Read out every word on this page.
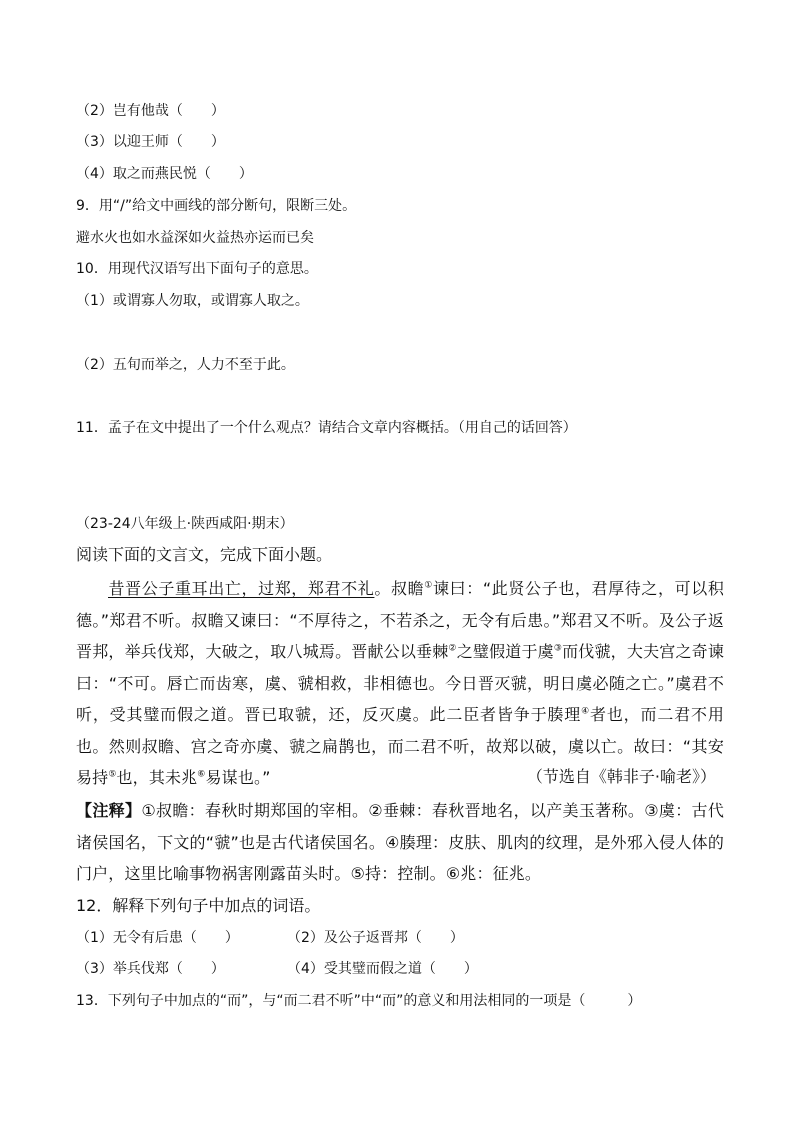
（2）岂有他哉（　　）
（3）以迎王师（　　）
（4）取之而燕民悦（　　）
9．用“/”给文中画线的部分断句，限断三处。
避水火也如水益深如火益热亦运而已矣
10．用现代汉语写出下面句子的意思。
（1）或谓寡人勿取，或谓寡人取之。
（2）五旬而举之，人力不至于此。
11．孟子在文中提出了一个什么观点？请结合文章内容概括。（用自己的话回答）
（23-24八年级上·陕西咸阳·期末）
阅读下面的文言文，完成下面小题。
昔晋公子重耳出亡，过郑，郑君不礼。叔瞻①谏曰：“此贤公子也，君厚待之，可以积德。”郑君不听。叔瞻又谏曰：“不厚待之，不若杀之，无令有后患。”郑君又不听。及公子返晋邦，举兵伐郑，大破之，取八城焉。晋献公以垂棘②之璧假道于虞③而伐虢，大夫宫之奇谏曰：“不可。唇亡而齿寒，虞、虢相救，非相德也。今日晋灭虢，明日虞必随之亡。”虞君不听，受其璧而假之道。晋已取虢，还，反灭虞。此二臣者皆争于腠理④者也，而二君不用也。然则叔瞻、宫之奇亦虞、虢之扁鹊也，而二君不听，故郑以破，虞以亡。故曰：“其安易持⑤也，其未兆⑥易谋也。”	（节选自《韩非子·喻老》）
【注释】①叔瞻：春秋时期郑国的宰相。②垂棘：春秋晋地名，以产美玉著称。③虞：古代诸侯国名，下文的“虢”也是古代诸侯国名。④腠理：皮肤、肌肉的纹理，是外邪入侵人体的门户，这里比喻事物祸害刚露苗头时。⑤持：控制。⑥兆：征兆。
12．解释下列句子中加点的词语。
（1）无令有后患（　　）	（2）及公子返晋邦（　　）
（3）举兵伐郑（　　）	（4）受其璧而假之道（　　）
13．下列句子中加点的“而”，与“而二君不听”中“而”的意义和用法相同的一项是（　　　）
